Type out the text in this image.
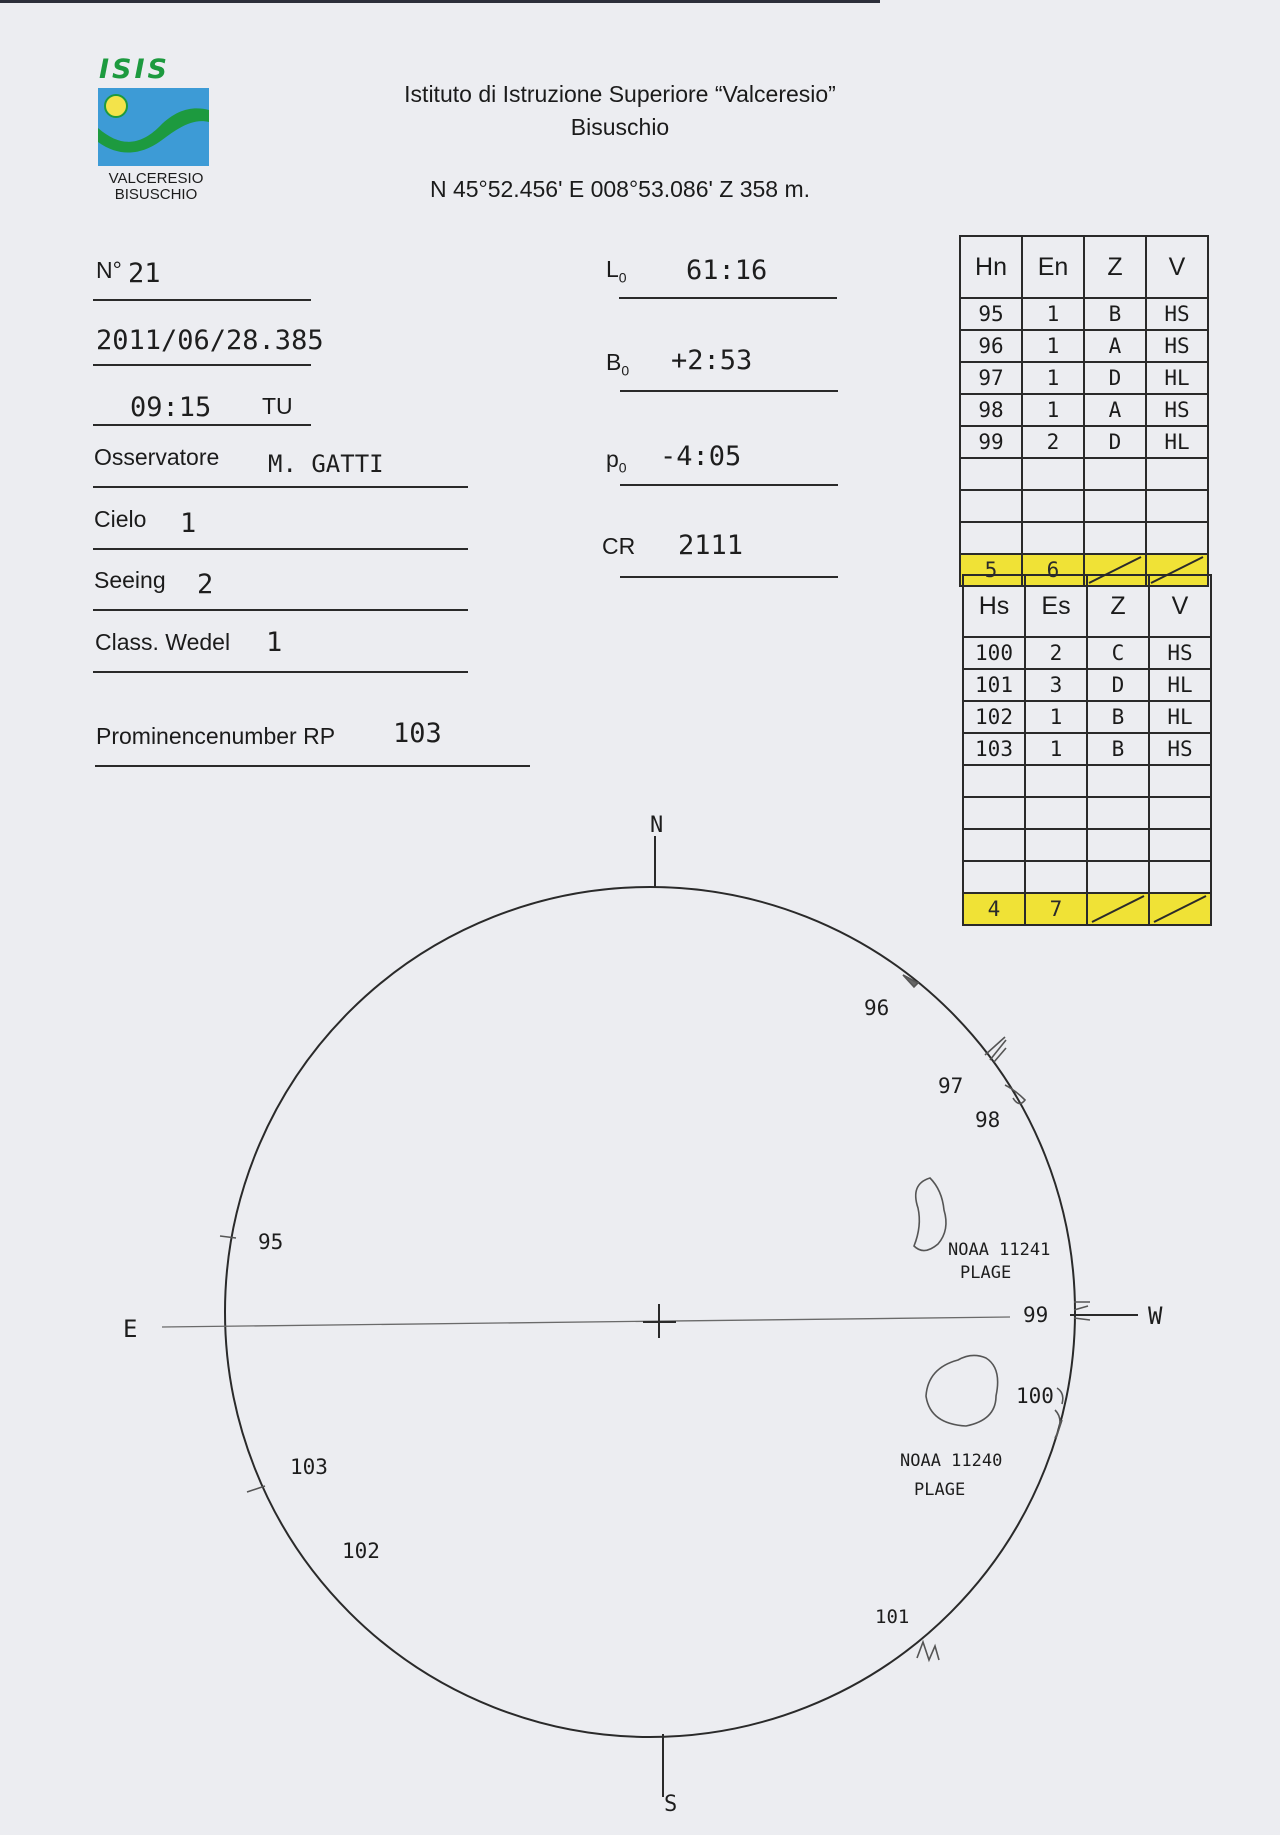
ISIS
VALCERESIO
BISUSCHIO
Istituto di Istruzione Superiore “Valceresio”
Bisuschio
N 45°52.456' E 008°53.086' Z 358 m.
N° 21
2011/06/28.385
09:15 TU
Osservatore M. GATTI
Cielo 1
Seeing 2
Class. Wedel 1
Prominencenumber RP 103
$L_0$ 61:16
$B_0$ +2:53
$p_0$ -4:05
CR 2111
Hn	En	Z	V
95	1	B	HS
96	1	A	HS
97	1	D	HL
98	1	A	HS
99	2	D	HL

5	6	

Hs	Es	Z	V
100	2	C	HS
101	3	D	HL
102	1	B	HL
103	1	B	HS

4	7	

N
S
E	W
95
96
97
98
99
100
101
102
103
NOAA 11241
PLAGE
NOAA 11240
PLAGE
